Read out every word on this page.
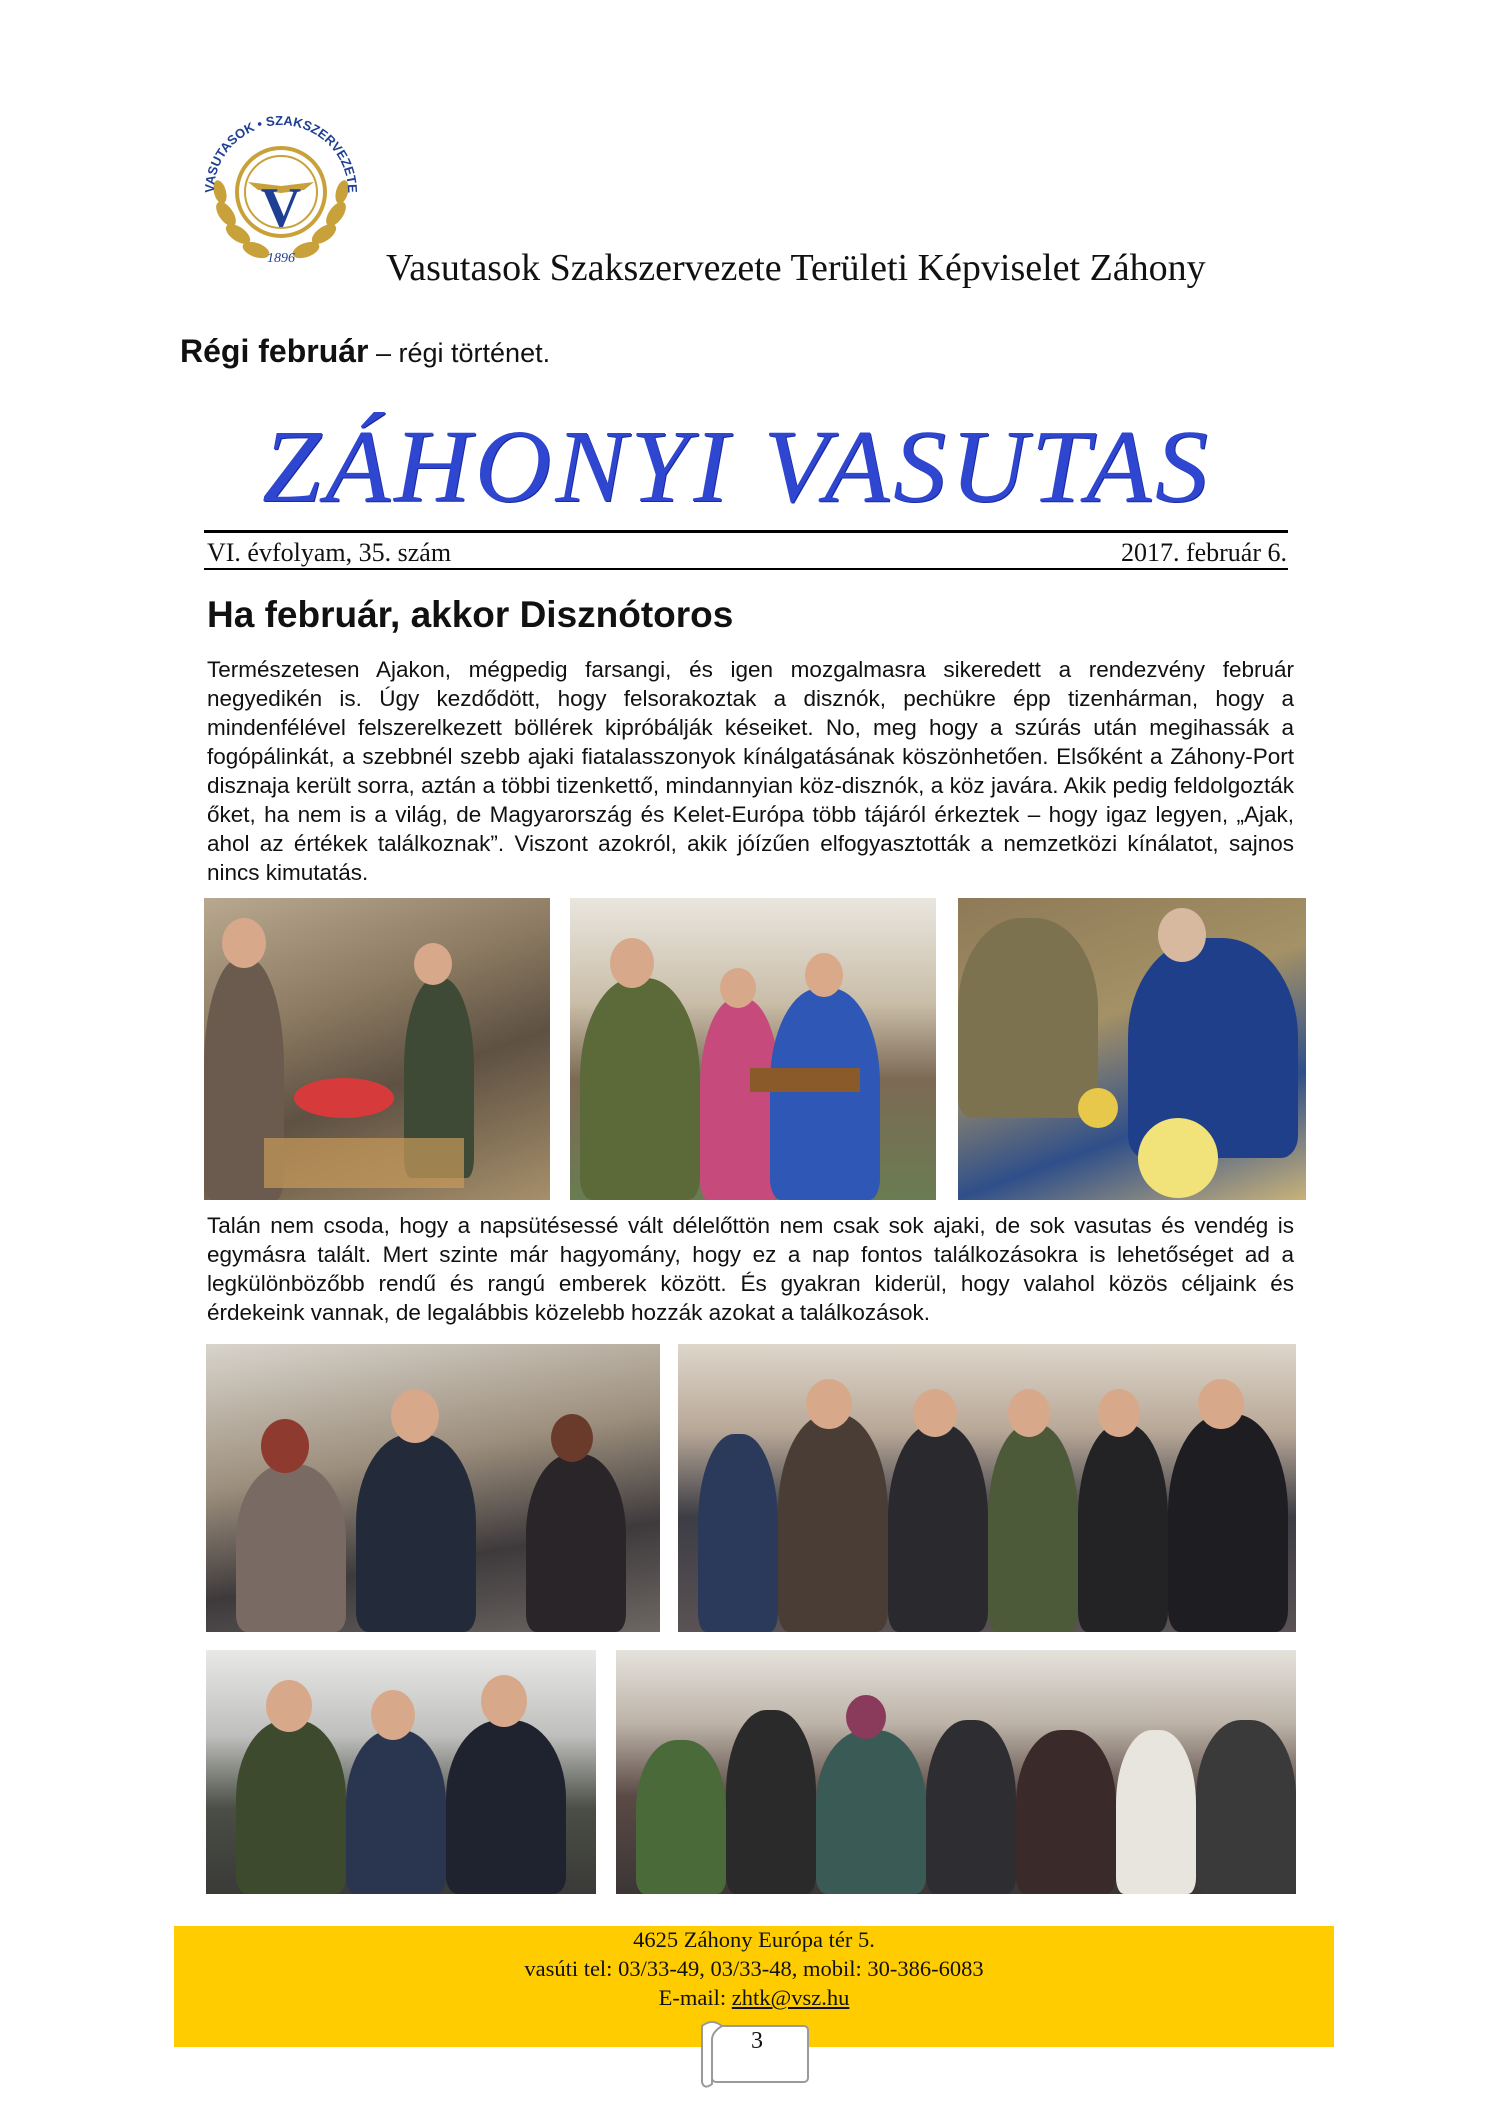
V
VASUTASOK • SZAKSZERVEZETE
1896 Vasutasok Szakszervezete Területi Képviselet Záhony
Régi február – régi történet.
ZÁHONYI VASUTAS
VI. évfolyam, 35. szám	2017. február 6.
Ha február, akkor Disznótoros

Természetesen Ajakon, mégpedig farsangi, és igen mozgalmasra sikeredett a rendezvény február negyedikén is. Úgy kezdődött, hogy felsorakoztak a disznók, pechükre épp tizenhárman, hogy a mindenfélével felszerelkezett böllérek kipróbálják késeiket. No, meg hogy a szúrás után megihassák a fogópálinkát, a szebbnél szebb ajaki fiatalasszonyok kínálgatásának köszönhetően. Elsőként a Záhony-Port disznaja került sorra, aztán a többi tizenkettő, mindannyian köz-disznók, a köz javára. Akik pedig feldolgozták őket, ha nem is a világ, de Magyarország és Kelet-Európa több tájáról érkeztek – hogy igaz legyen, „Ajak, ahol az értékek találkoznak”. Viszont azokról, akik jóízűen elfogyasztották a nemzetközi kínálatot, sajnos nincs kimutatás.

Talán nem csoda, hogy a napsütésessé vált délelőttön nem csak sok ajaki, de sok vasutas és vendég is egymásra talált. Mert szinte már hagyomány, hogy ez a nap fontos találkozásokra is lehetőséget ad a legkülönbözőbb rendű és rangú emberek között. És gyakran kiderül, hogy valahol közös céljaink és érdekeink vannak, de legalábbis közelebb hozzák azokat a találkozások.

4625 Záhony Európa tér 5.
vasúti tel: 03/33-49, 03/33-48, mobil: 30-386-6083
E-mail: zhtk@vsz.hu
3
